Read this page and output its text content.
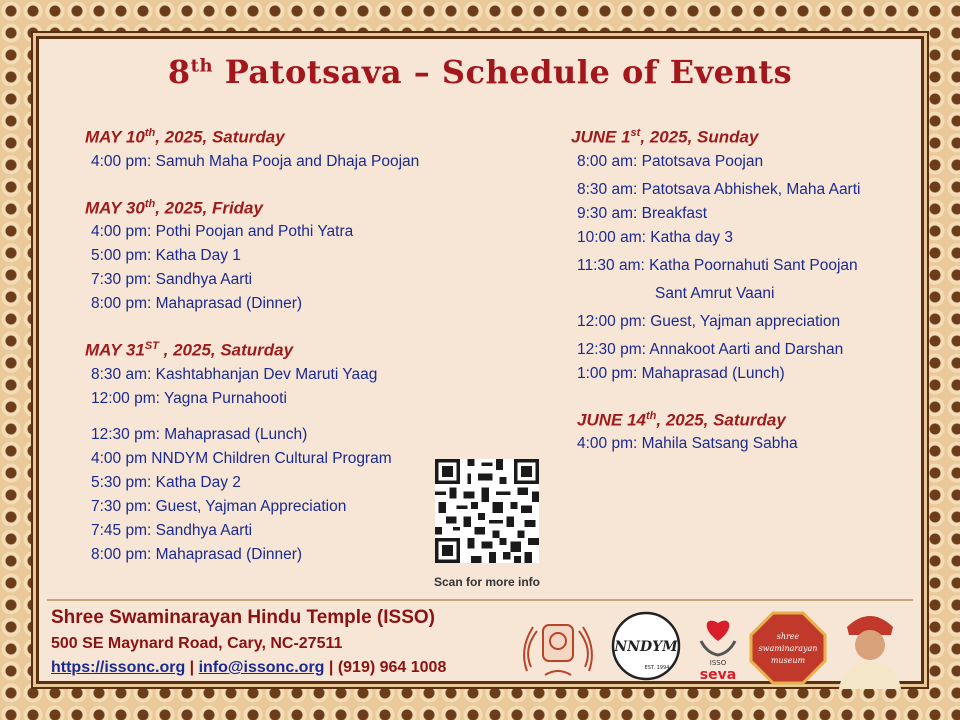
8th Patotsava – Schedule of Events
MAY 10th, 2025, Saturday
4:00 pm: Samuh Maha Pooja and Dhaja Poojan
MAY 30th, 2025, Friday
4:00 pm: Pothi Poojan and Pothi Yatra
5:00 pm: Katha Day 1
7:30 pm: Sandhya Aarti
8:00 pm: Mahaprasad (Dinner)
MAY 31ST , 2025, Saturday
8:30 am: Kashtabhanjan Dev Maruti Yaag
12:00 pm: Yagna Purnahooti
12:30 pm: Mahaprasad (Lunch)
4:00 pm NNDYM Children Cultural Program
5:30 pm: Katha Day 2
7:30 pm: Guest, Yajman Appreciation
7:45 pm: Sandhya Aarti
8:00 pm: Mahaprasad (Dinner)
JUNE 1st, 2025, Sunday
8:00 am: Patotsava Poojan
8:30 am: Patotsava Abhishek, Maha Aarti
9:30 am: Breakfast
10:00 am: Katha day 3
11:30 am: Katha Poornahuti Sant Poojan
Sant Amrut Vaani
12:00 pm: Guest, Yajman appreciation
12:30 pm: Annakoot Aarti and Darshan
1:00 pm: Mahaprasad (Lunch)
JUNE 14th, 2025, Saturday
4:00 pm: Mahila Satsang Sabha
Scan for more info
Shree Swaminarayan Hindu Temple (ISSO)
500 SE Maynard Road, Cary, NC-27511
https://issonc.org | info@issonc.org | (919) 964 1008
NNDYM
EST. 1994
ISSO
seva
shree
swaminarayan
museum
